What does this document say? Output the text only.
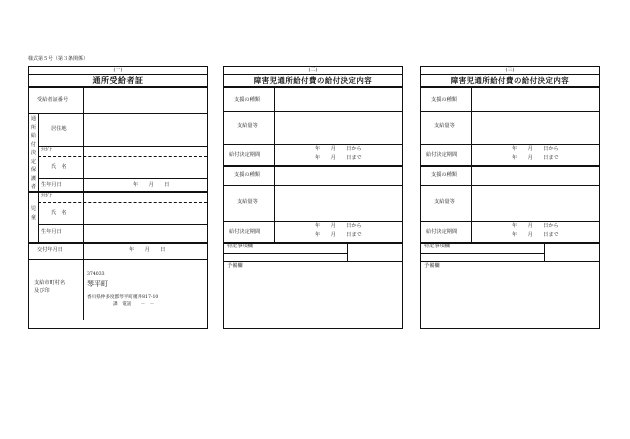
様式第５号（第３条関係）
(一)
通所受給者証
受給者証番号
通所給付決定保護者
居住地
ﾌﾘｶﾞﾅ
氏　名
生年月日	年　　月　　日
児童
ﾌﾘｶﾞﾅ
氏　名
生年月日
交付年月日	年　　月　　日
支給市町村名
及び印
374033
琴平町
香川県仲多度郡琴平町榎井817-10
課　電話　　－　－
(二)
障害児通所給付費の給付決定内容
支援の種類
支給量等
給付決定期間
年　　月　　日から
年　　月　　日まで
支援の種類
支給量等
給付決定期間
年　　月　　日から
年　　月　　日まで
特記事項欄
予備欄
(三)
障害児通所給付費の給付決定内容
支援の種類
支給量等
給付決定期間
年　　月　　日から
年　　月　　日まで
支援の種類
支給量等
給付決定期間
年　　月　　日から
年　　月　　日まで
特記事項欄
予備欄
